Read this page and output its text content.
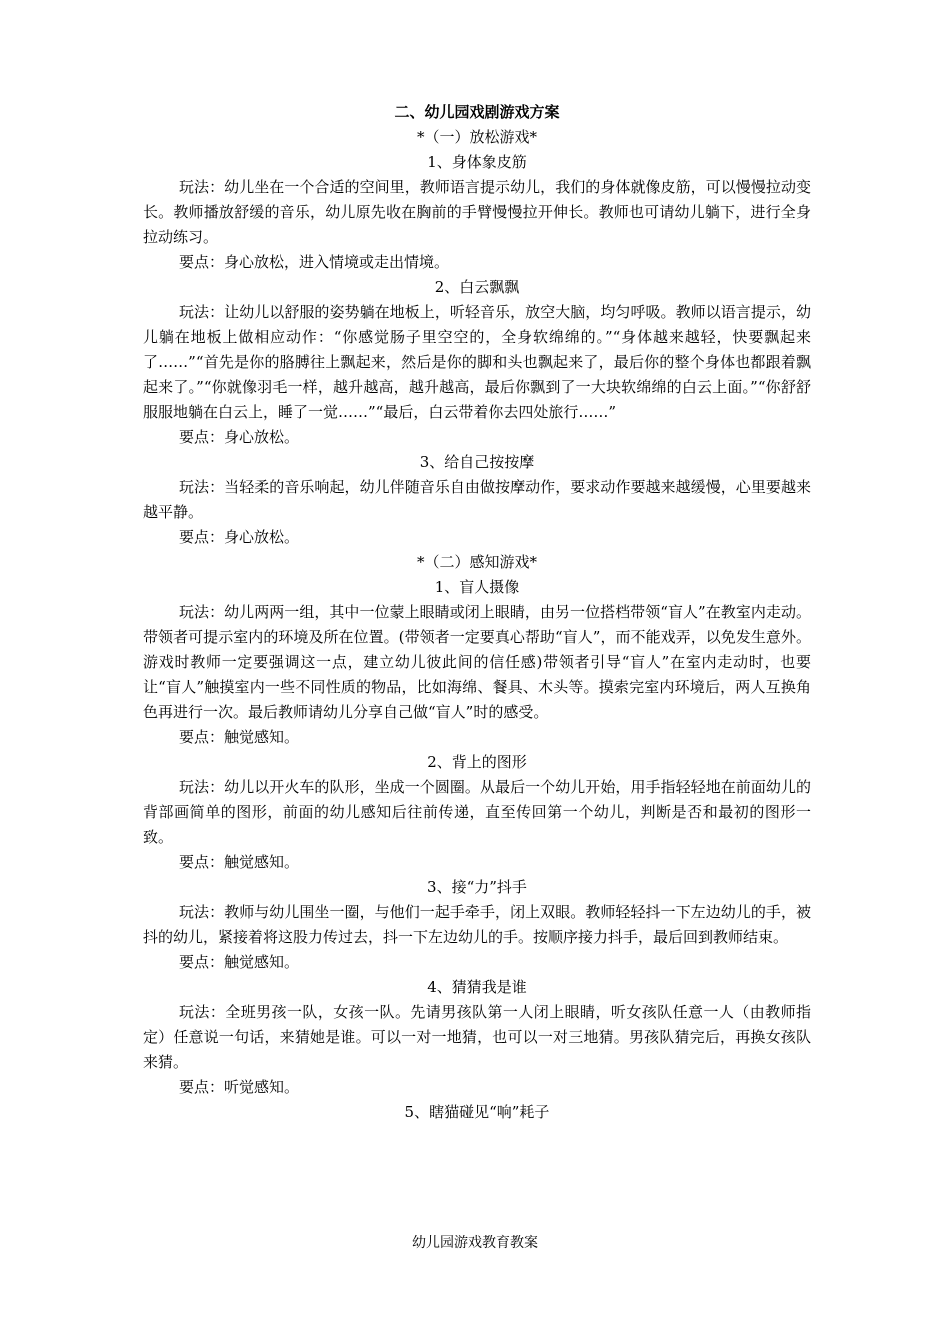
二、幼儿园戏剧游戏方案

*（一）放松游戏*

1、身体象皮筋

玩法：幼儿坐在一个合适的空间里，教师语言提示幼儿，我们的身体就像皮筋，可以慢慢拉动变长。教师播放舒缓的音乐，幼儿原先收在胸前的手臂慢慢拉开伸长。教师也可请幼儿躺下，进行全身拉动练习。

要点：身心放松，进入情境或走出情境。

2、白云飘飘

玩法：让幼儿以舒服的姿势躺在地板上，听轻音乐，放空大脑，均匀呼吸。教师以语言提示，幼儿躺在地板上做相应动作：“你感觉肠子里空空的，全身软绵绵的。”“身体越来越轻，快要飘起来了……”“首先是你的胳膊往上飘起来，然后是你的脚和头也飘起来了，最后你的整个身体也都跟着飘起来了。”“你就像羽毛一样，越升越高，越升越高，最后你飘到了一大块软绵绵的白云上面。”“你舒舒服服地躺在白云上，睡了一觉……”“最后，白云带着你去四处旅行……”

要点：身心放松。

3、给自己按按摩

玩法：当轻柔的音乐响起，幼儿伴随音乐自由做按摩动作，要求动作要越来越缓慢，心里要越来越平静。

要点：身心放松。

*（二）感知游戏*

1、盲人摄像

玩法：幼儿两两一组，其中一位蒙上眼睛或闭上眼睛，由另一位搭档带领“盲人”在教室内走动。带领者可提示室内的环境及所在位置。(带领者一定要真心帮助“盲人”，而不能戏弄，以免发生意外。游戏时教师一定要强调这一点，建立幼儿彼此间的信任感)带领者引导“盲人”在室内走动时，也要让“盲人”触摸室内一些不同性质的物品，比如海绵、餐具、木头等。摸索完室内环境后，两人互换角色再进行一次。最后教师请幼儿分享自己做“盲人”时的感受。

要点：触觉感知。

2、背上的图形

玩法：幼儿以开火车的队形，坐成一个圆圈。从最后一个幼儿开始，用手指轻轻地在前面幼儿的背部画简单的图形，前面的幼儿感知后往前传递，直至传回第一个幼儿，判断是否和最初的图形一致。

要点：触觉感知。

3、接“力”抖手

玩法：教师与幼儿围坐一圈，与他们一起手牵手，闭上双眼。教师轻轻抖一下左边幼儿的手，被抖的幼儿，紧接着将这股力传过去，抖一下左边幼儿的手。按顺序接力抖手，最后回到教师结束。

要点：触觉感知。

4、猜猜我是谁

玩法：全班男孩一队，女孩一队。先请男孩队第一人闭上眼睛，听女孩队任意一人（由教师指定）任意说一句话，来猜她是谁。可以一对一地猜，也可以一对三地猜。男孩队猜完后，再换女孩队来猜。

要点：听觉感知。

5、瞎猫碰见“响”耗子

幼儿园游戏教育教案
